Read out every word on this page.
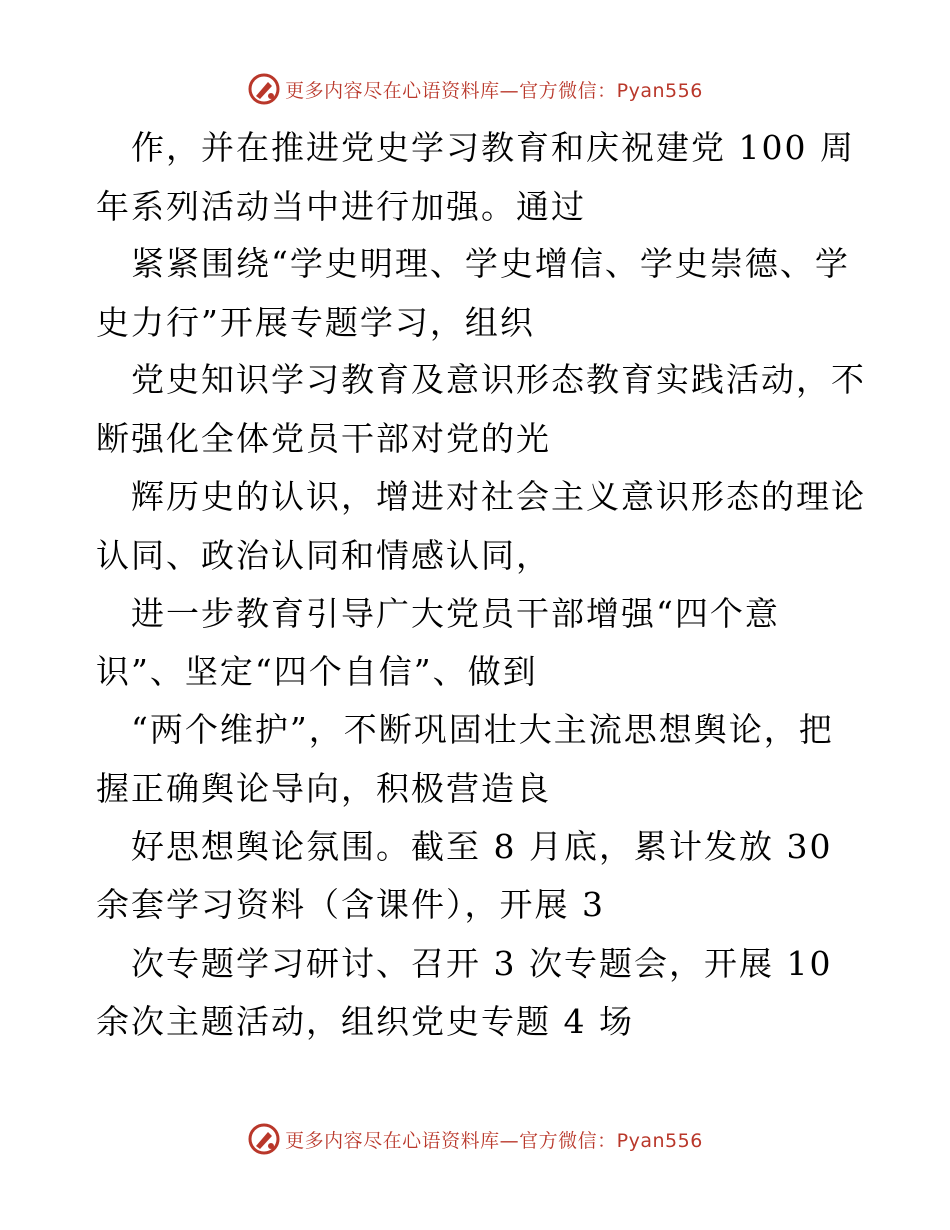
更多内容尽在心语资料库—官方微信：Pyan556
　作，并在推进党史学习教育和庆祝建党 100 周
年系列活动当中进行加强。通过
　紧紧围绕“学史明理、学史增信、学史崇德、学
史力行”开展专题学习，组织
　党史知识学习教育及意识形态教育实践活动，不
断强化全体党员干部对党的光
　辉历史的认识，增进对社会主义意识形态的理论
认同、政治认同和情感认同，
　进一步教育引导广大党员干部增强“四个意
识”、坚定“四个自信”、做到
　“两个维护”，不断巩固壮大主流思想舆论，把
握正确舆论导向，积极营造良
　好思想舆论氛围。截至 8 月底，累计发放 30
余套学习资料（含课件），开展 3
　次专题学习研讨、召开 3 次专题会，开展 10
余次主题活动，组织党史专题 4 场
更多内容尽在心语资料库—官方微信：Pyan556
